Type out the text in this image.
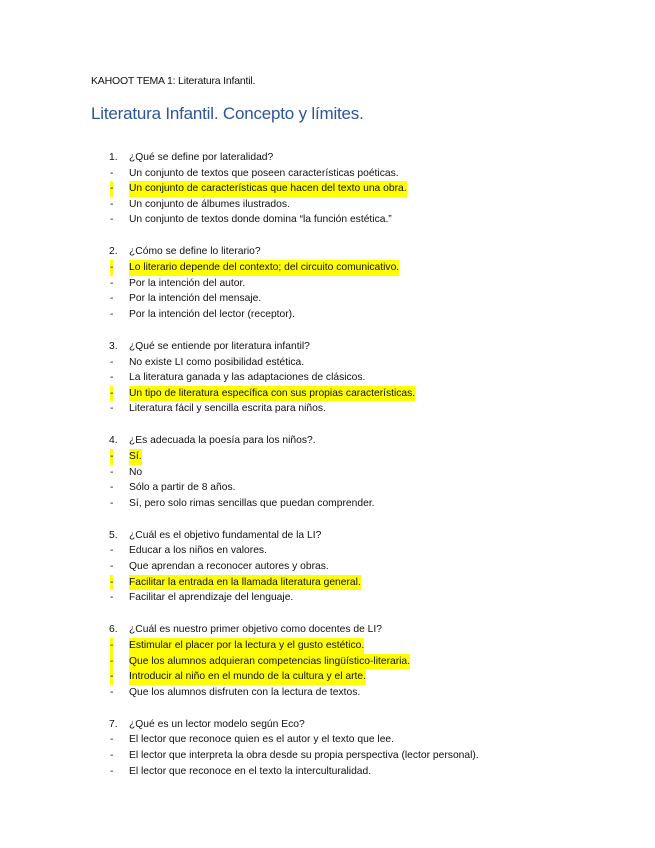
KAHOOT TEMA 1: Literatura Infantil.
Literatura Infantil. Concepto y límites.
1. ¿Qué se define por lateralidad?
- Un conjunto de textos que poseen características poéticas.
- Un conjunto de características que hacen del texto una obra.
- Un conjunto de álbumes ilustrados.
- Un conjunto de textos donde domina “la función estética.”
2. ¿Cómo se define lo literario?
- Lo literario depende del contexto; del circuito comunicativo.
- Por la intención del autor.
- Por la intención del mensaje.
- Por la intención del lector (receptor).
3. ¿Qué se entiende por literatura infantil?
- No existe LI como posibilidad estética.
- La literatura ganada y las adaptaciones de clásicos.
- Un tipo de literatura específica con sus propias características.
- Literatura fácil y sencilla escrita para niños.
4. ¿Es adecuada la poesía para los niños?.
- Sí.
- No
- Sólo a partir de 8 años.
- Sí, pero solo rimas sencillas que puedan comprender.
5. ¿Cuál es el objetivo fundamental de la LI?
- Educar a los niños en valores.
- Que aprendan a reconocer autores y obras.
- Facilitar la entrada en la llamada literatura general.
- Facilitar el aprendizaje del lenguaje.
6. ¿Cuál es nuestro primer objetivo como docentes de LI?
- Estimular el placer por la lectura y el gusto estético.
- Que los alumnos adquieran competencias lingüístico-literaria.
- Introducir al niño en el mundo de la cultura y el arte.
- Que los alumnos disfruten con la lectura de textos.
7. ¿Qué es un lector modelo según Eco?
- El lector que reconoce quien es el autor y el texto que lee.
- El lector que interpreta la obra desde su propia perspectiva (lector personal).
- El lector que reconoce en el texto la interculturalidad.
